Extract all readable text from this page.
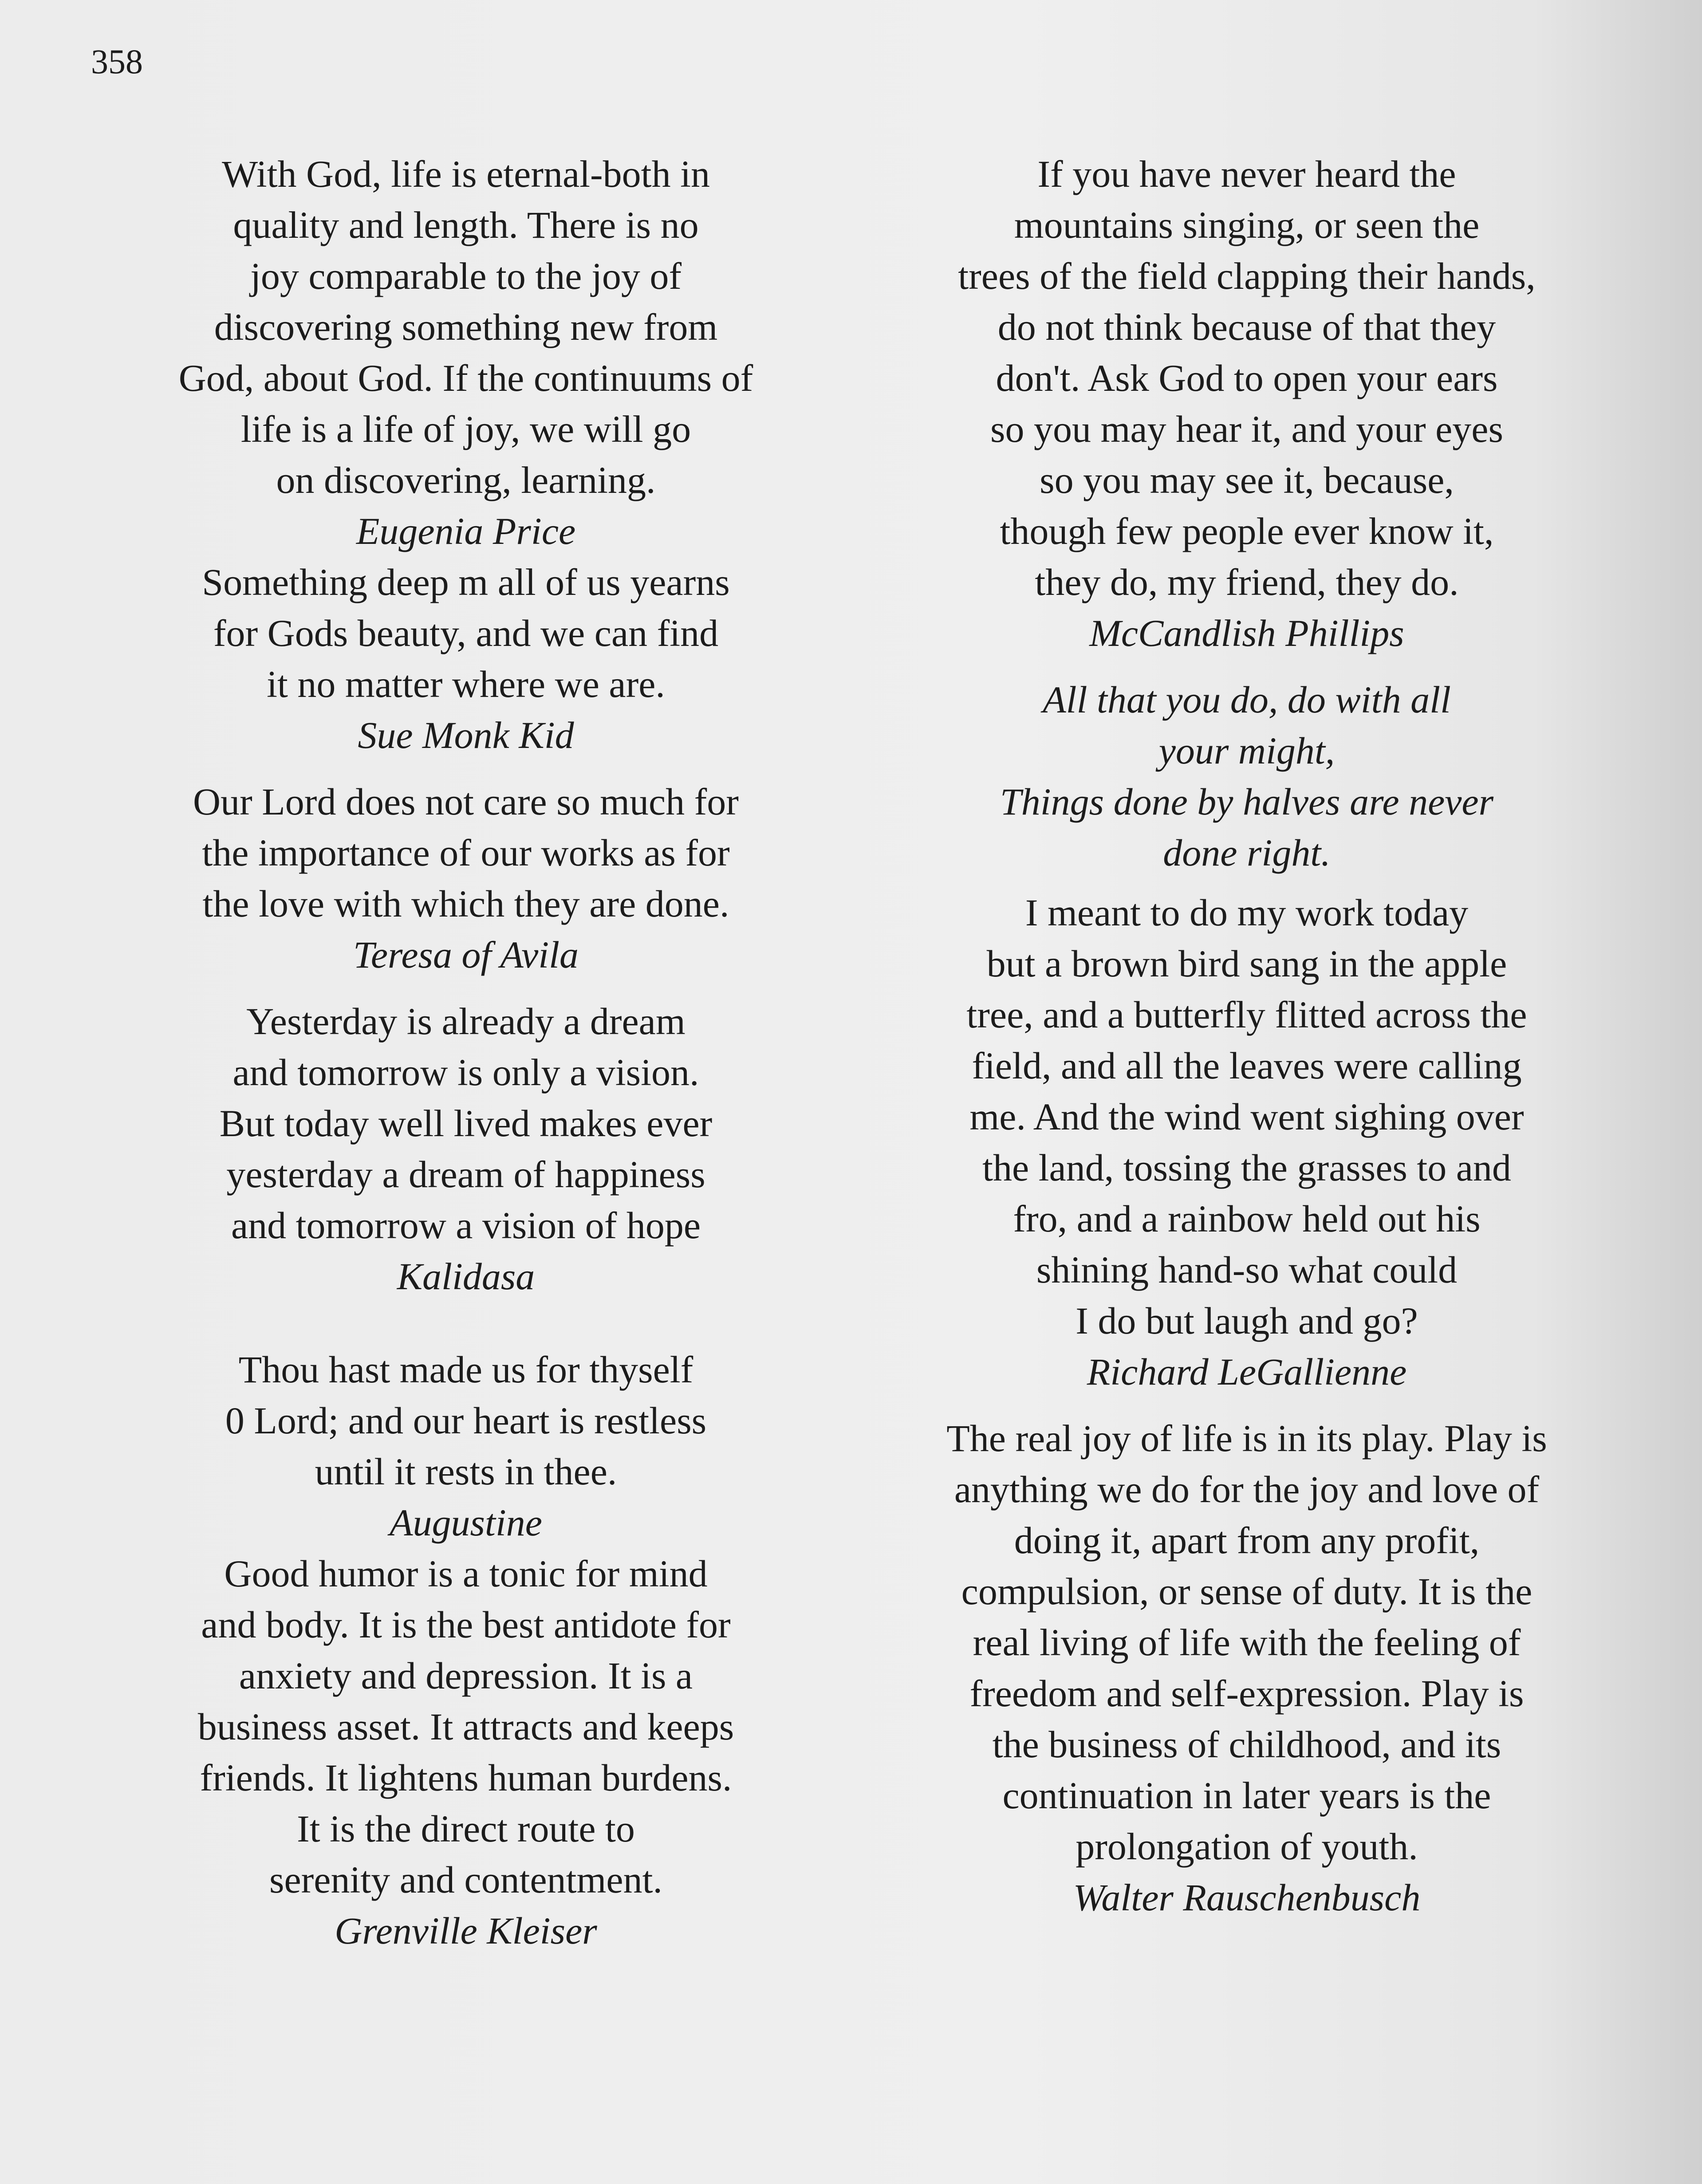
358
With God, life is eternal-both in
quality and length. There is no
joy comparable to the joy of
discovering something new from
God, about God. If the continuums of
life is a life of joy, we will go
on discovering, learning.
Eugenia Price
Something deep m all of us yearns
for Gods beauty, and we can find
it no matter where we are.
Sue Monk Kid
Our Lord does not care so much for
the importance of our works as for
the love with which they are done.
Teresa of Avila
Yesterday is already a dream
and tomorrow is only a vision.
But today well lived makes ever
yesterday a dream of happiness
and tomorrow a vision of hope
Kalidasa
Thou hast made us for thyself
0 Lord; and our heart is restless
until it rests in thee.
Augustine
Good humor is a tonic for mind
and body. It is the best antidote for
anxiety and depression. It is a
business asset. It attracts and keeps
friends. It lightens human burdens.
It is the direct route to
serenity and contentment.
Grenville Kleiser
If you have never heard the
mountains singing, or seen the
trees of the field clapping their hands,
do not think because of that they
don't. Ask God to open your ears
so you may hear it, and your eyes
so you may see it, because,
though few people ever know it,
they do, my friend, they do.
McCandlish Phillips
All that you do, do with all
your might,
Things done by halves are never
done right.
I meant to do my work today
but a brown bird sang in the apple
tree, and a butterfly flitted across the
field, and all the leaves were calling
me. And the wind went sighing over
the land, tossing the grasses to and
fro, and a rainbow held out his
shining hand-so what could
I do but laugh and go?
Richard LeGallienne
The real joy of life is in its play. Play is
anything we do for the joy and love of
doing it, apart from any profit,
compulsion, or sense of duty. It is the
real living of life with the feeling of
freedom and self-expression. Play is
the business of childhood, and its
continuation in later years is the
prolongation of youth.
Walter Rauschenbusch
